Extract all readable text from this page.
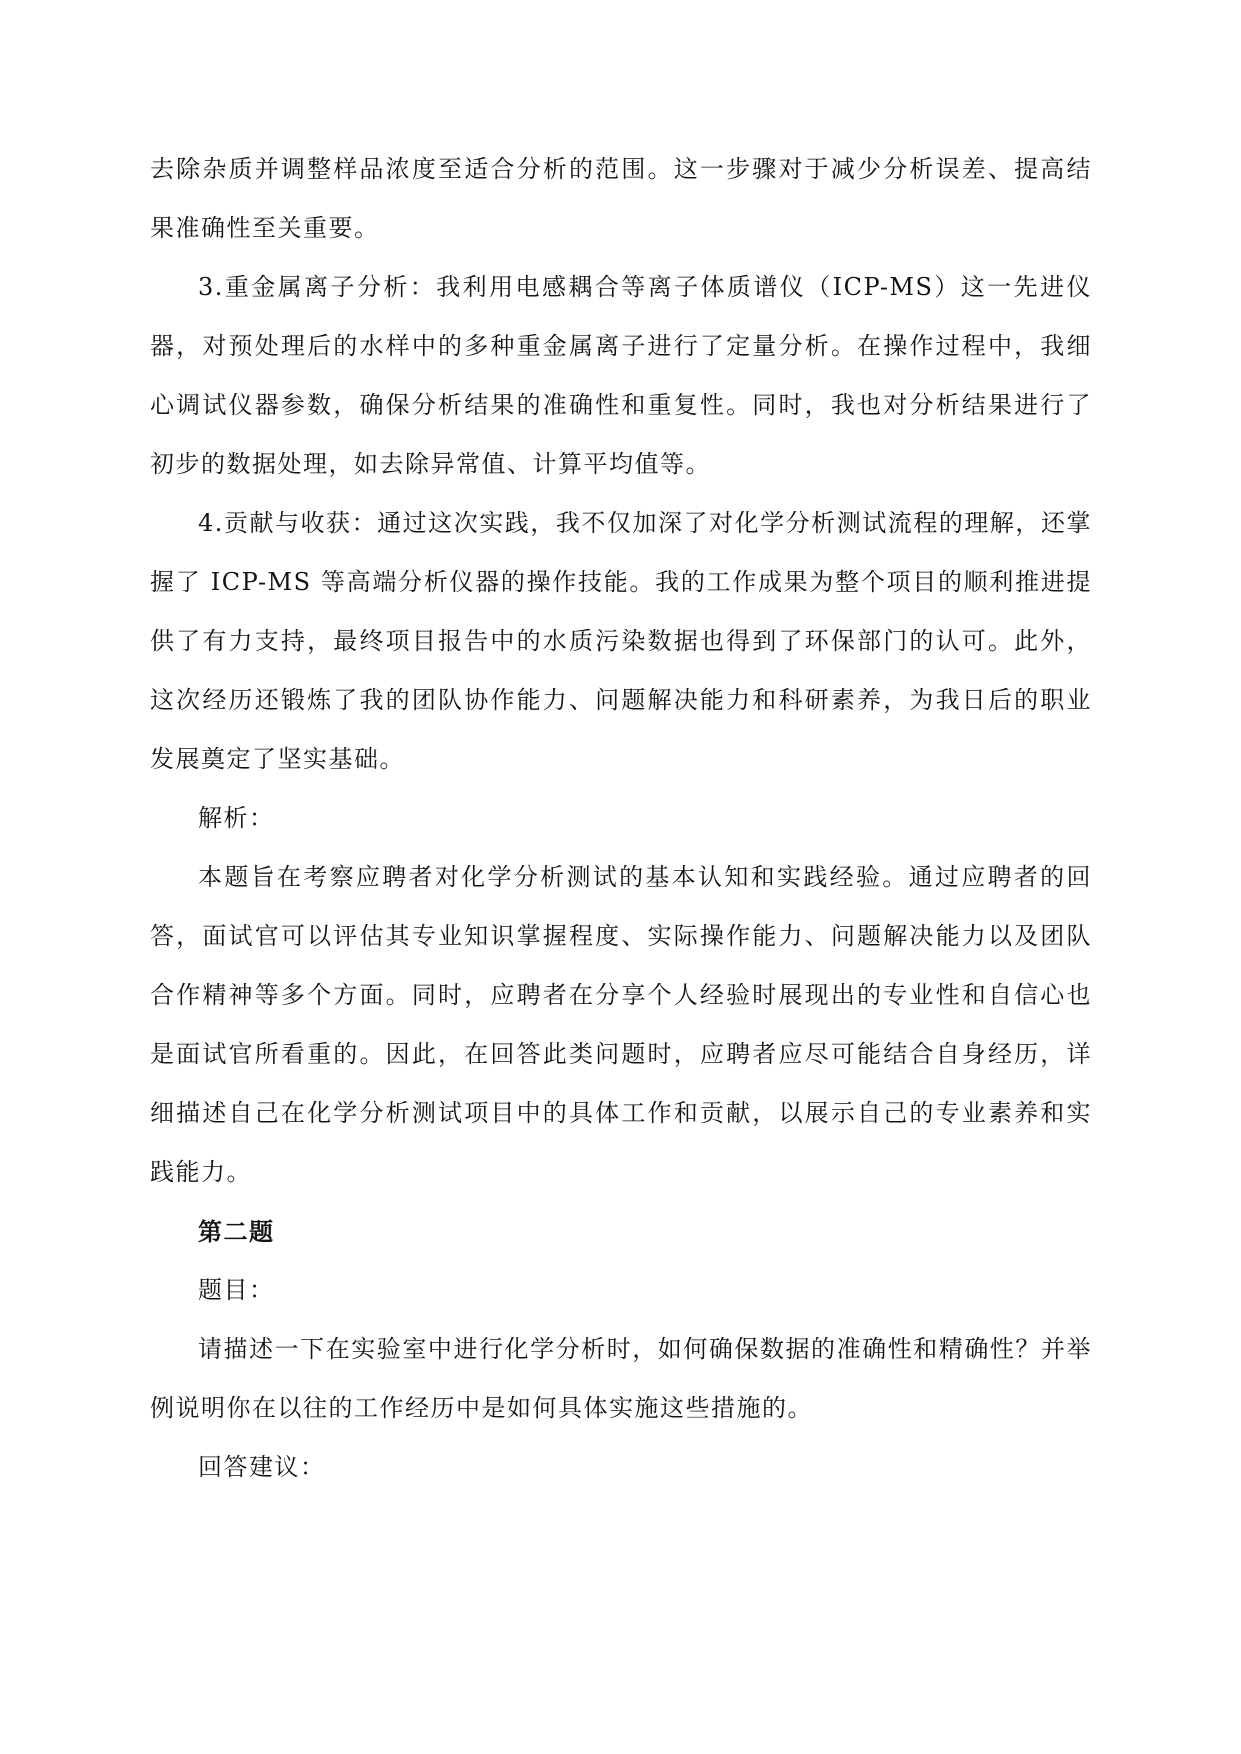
去除杂质并调整样品浓度至适合分析的范围。这一步骤对于减少分析误差、提高结果准确性至关重要。

3.重金属离子分析：我利用电感耦合等离子体质谱仪（ICP-MS）这一先进仪器，对预处理后的水样中的多种重金属离子进行了定量分析。在操作过程中，我细心调试仪器参数，确保分析结果的准确性和重复性。同时，我也对分析结果进行了初步的数据处理，如去除异常值、计算平均值等。

4.贡献与收获：通过这次实践，我不仅加深了对化学分析测试流程的理解，还掌握了 ICP-MS 等高端分析仪器的操作技能。我的工作成果为整个项目的顺利推进提供了有力支持，最终项目报告中的水质污染数据也得到了环保部门的认可。此外，这次经历还锻炼了我的团队协作能力、问题解决能力和科研素养，为我日后的职业发展奠定了坚实基础。

解析：

本题旨在考察应聘者对化学分析测试的基本认知和实践经验。通过应聘者的回答，面试官可以评估其专业知识掌握程度、实际操作能力、问题解决能力以及团队合作精神等多个方面。同时，应聘者在分享个人经验时展现出的专业性和自信心也是面试官所看重的。因此，在回答此类问题时，应聘者应尽可能结合自身经历，详细描述自己在化学分析测试项目中的具体工作和贡献，以展示自己的专业素养和实践能力。

第二题

题目：

请描述一下在实验室中进行化学分析时，如何确保数据的准确性和精确性？并举例说明你在以往的工作经历中是如何具体实施这些措施的。

回答建议：
